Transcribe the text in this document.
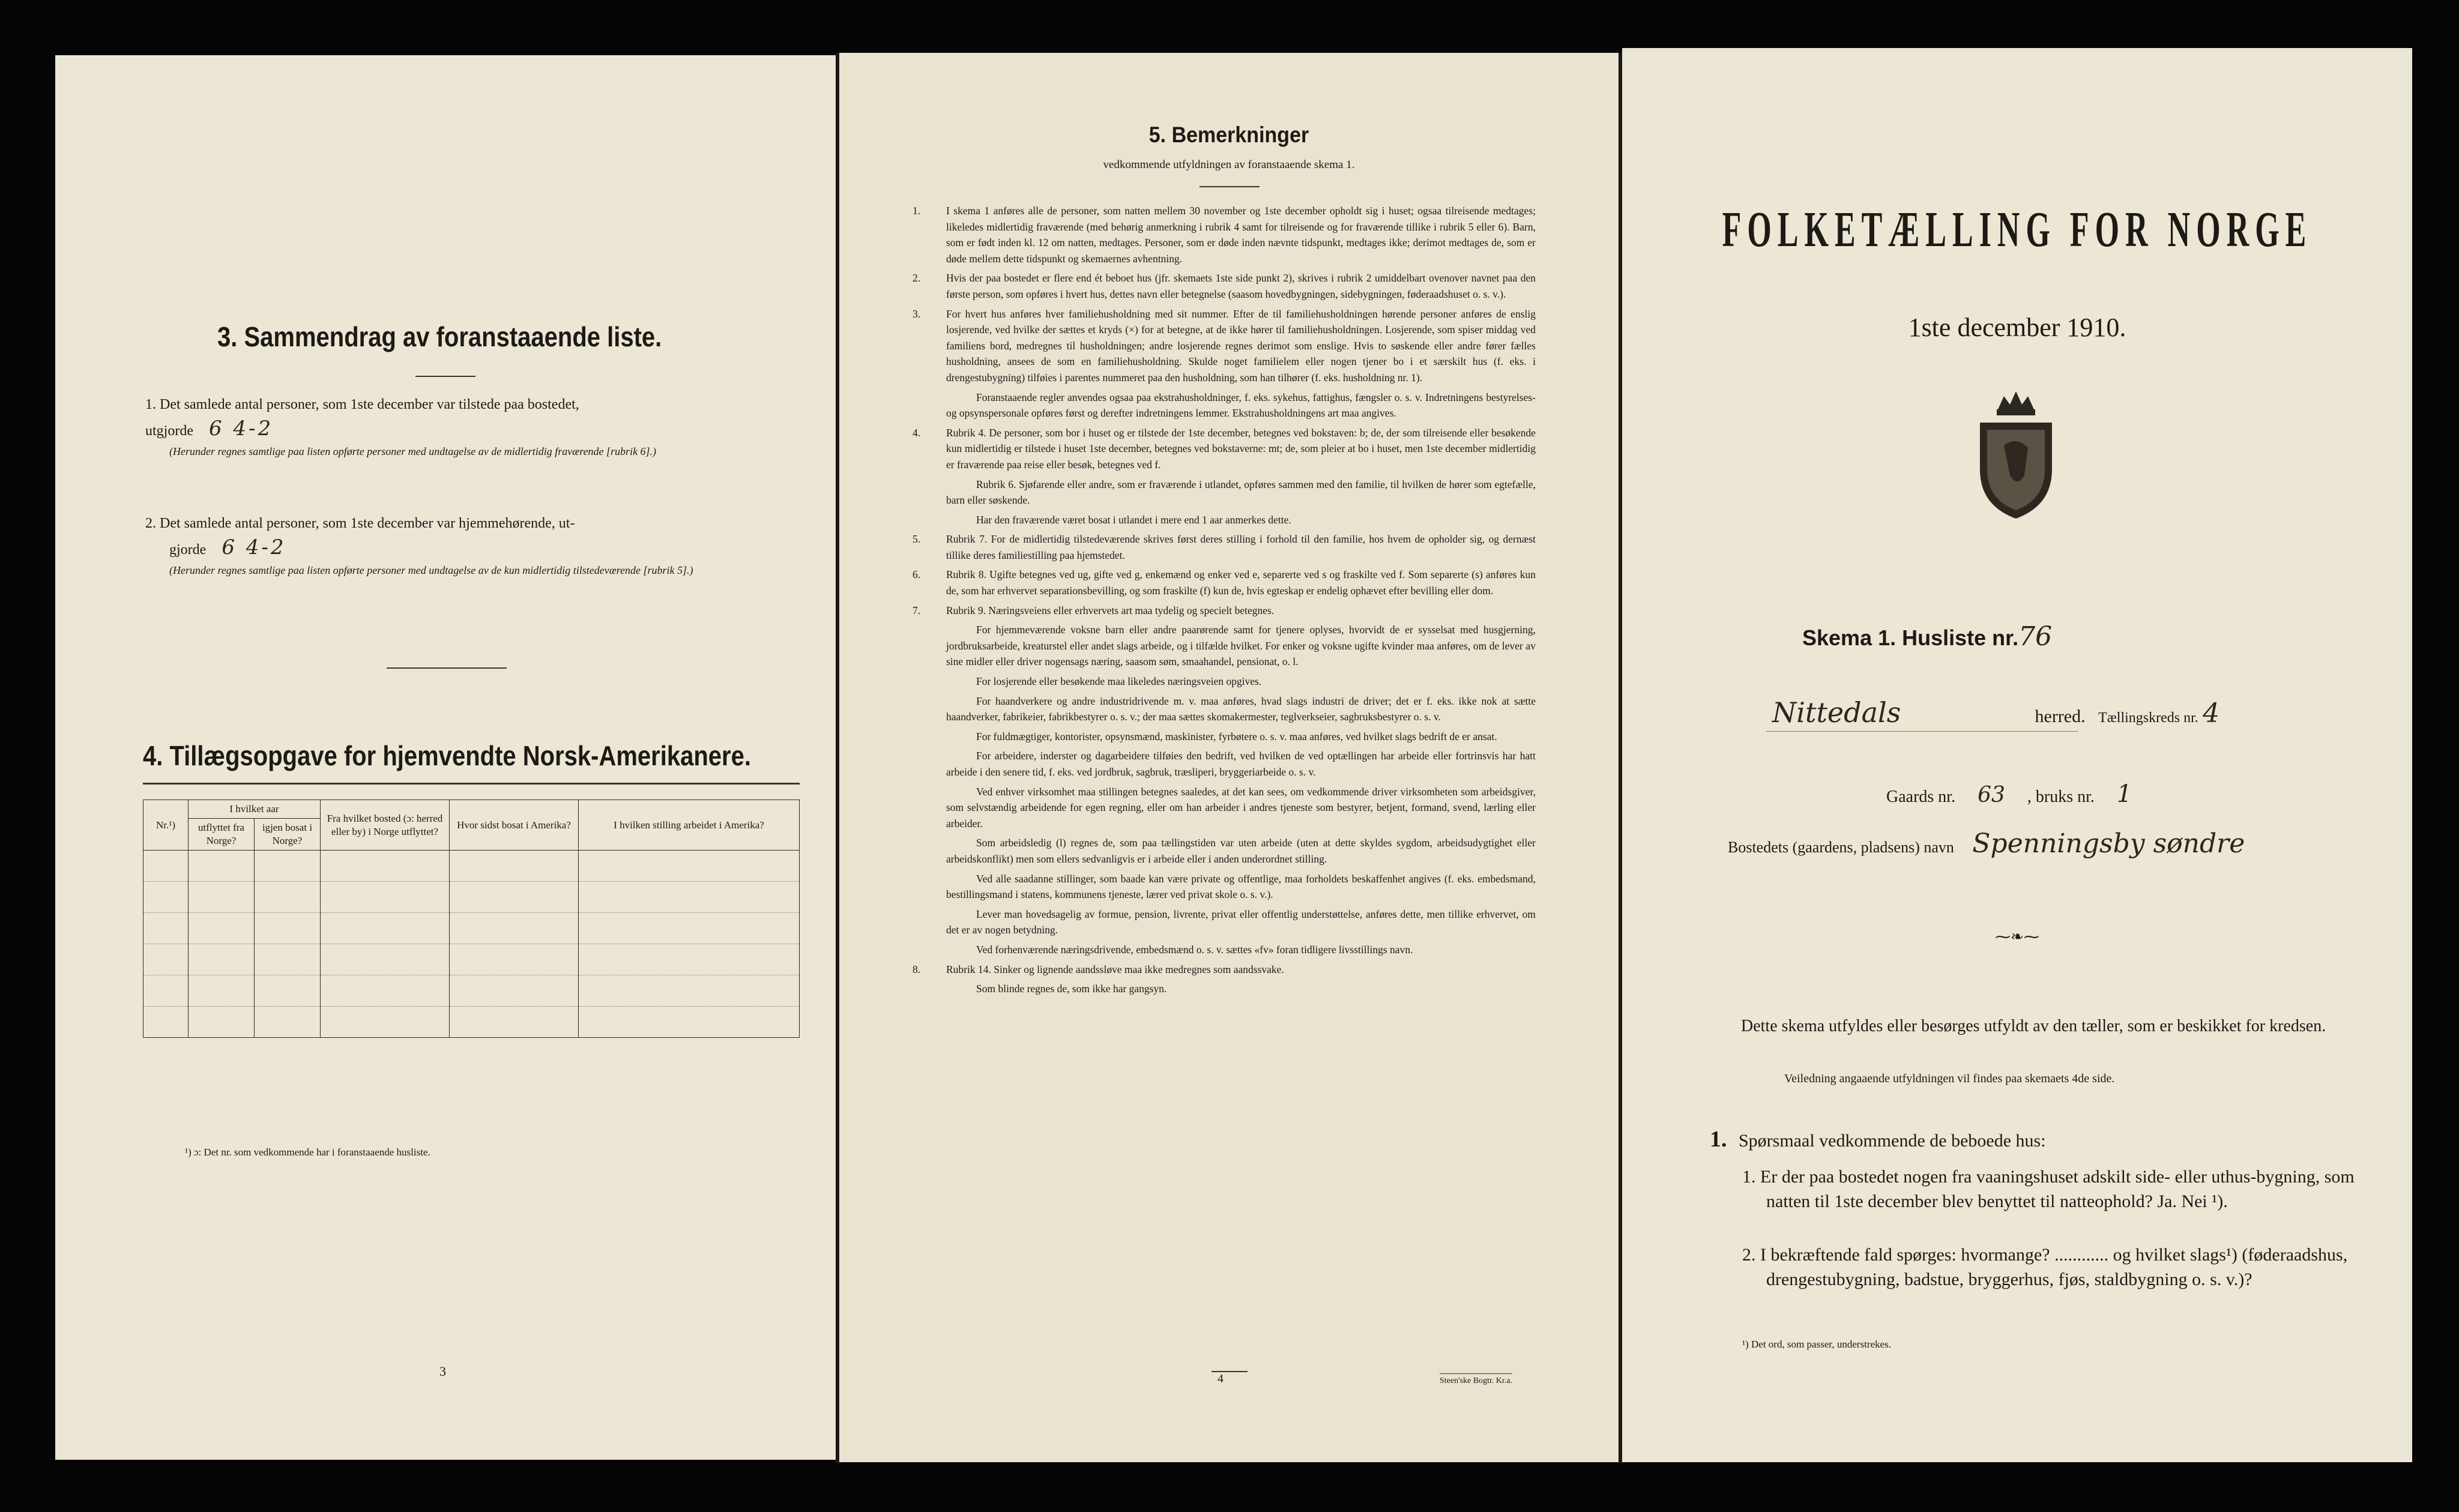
3. Sammendrag av foranstaaende liste.
1. Det samlede antal personer, som 1ste december var tilstede paa bostedet,
utgjorde 6 4-2
(Herunder regnes samtlige paa listen opførte personer med undtagelse av de midlertidig fraværende [rubrik 6].)
2. Det samlede antal personer, som 1ste december var hjemmehørende, ut-
gjorde 6 4-2
(Herunder regnes samtlige paa listen opførte personer med undtagelse av de kun midlertidig tilstedeværende [rubrik 5].)
4. Tillægsopgave for hjemvendte Norsk-Amerikanere.
Nr.¹)	I hvilket aar		Fra hvilket bosted (ɔ: herred eller by) i Norge utflyttet?	Hvor sidst bosat i Amerika?	I hvilken stilling arbeidet i Amerika?
	utflyttet fra Norge?	igjen bosat i Norge?			

¹) ɔ: Det nr. som vedkommende har i foranstaaende husliste.
3
5. Bemerkninger
vedkommende utfyldningen av foranstaaende skema 1.

1. I skema 1 anføres alle de personer, som natten mellem 30 november og 1ste december opholdt sig i huset; ogsaa tilreisende medtages; likeledes midlertidig fraværende (med behørig anmerkning i rubrik 4 samt for tilreisende og for fraværende tillike i rubrik 5 eller 6). Barn, som er født inden kl. 12 om natten, medtages. Personer, som er døde inden nævnte tidspunkt, medtages ikke; derimot medtages de, som er døde mellem dette tidspunkt og skemaernes avhentning.

2. Hvis der paa bostedet er flere end ét beboet hus (jfr. skemaets 1ste side punkt 2), skrives i rubrik 2 umiddelbart ovenover navnet paa den første person, som opføres i hvert hus, dettes navn eller betegnelse (saasom hovedbygningen, sidebygningen, føderaadshuset o. s. v.).

3. For hvert hus anføres hver familiehusholdning med sit nummer. Efter de til familiehusholdningen hørende personer anføres de enslig losjerende, ved hvilke der sættes et kryds (×) for at betegne, at de ikke hører til familiehusholdningen. Losjerende, som spiser middag ved familiens bord, medregnes til husholdningen; andre losjerende regnes derimot som enslige. Hvis to søskende eller andre fører fælles husholdning, ansees de som en familiehusholdning. Skulde noget familielem eller nogen tjener bo i et særskilt hus (f. eks. i drengestubygning) tilføies i parentes nummeret paa den husholdning, som han tilhører (f. eks. husholdning nr. 1).

Foranstaaende regler anvendes ogsaa paa ekstrahusholdninger, f. eks. sykehus, fattighus, fængsler o. s. v. Indretningens bestyrelses- og opsynspersonale opføres først og derefter indretningens lemmer. Ekstrahusholdningens art maa angives.

4. Rubrik 4. De personer, som bor i huset og er tilstede der 1ste december, betegnes ved bokstaven: b; de, der som tilreisende eller besøkende kun midlertidig er tilstede i huset 1ste december, betegnes ved bokstaverne: mt; de, som pleier at bo i huset, men 1ste december midlertidig er fraværende paa reise eller besøk, betegnes ved f.

Rubrik 6. Sjøfarende eller andre, som er fraværende i utlandet, opføres sammen med den familie, til hvilken de hører som egtefælle, barn eller søskende.

Har den fraværende været bosat i utlandet i mere end 1 aar anmerkes dette.

5. Rubrik 7. For de midlertidig tilstedeværende skrives først deres stilling i forhold til den familie, hos hvem de opholder sig, og dernæst tillike deres familiestilling paa hjemstedet.

6. Rubrik 8. Ugifte betegnes ved ug, gifte ved g, enkemænd og enker ved e, separerte ved s og fraskilte ved f. Som separerte (s) anføres kun de, som har erhvervet separationsbevilling, og som fraskilte (f) kun de, hvis egteskap er endelig ophævet efter bevilling eller dom.

7. Rubrik 9. Næringsveiens eller erhvervets art maa tydelig og specielt betegnes.

For hjemmeværende voksne barn eller andre paarørende samt for tjenere oplyses, hvorvidt de er sysselsat med husgjerning, jordbruksarbeide, kreaturstel eller andet slags arbeide, og i tilfælde hvilket. For enker og voksne ugifte kvinder maa anføres, om de lever av sine midler eller driver nogensags næring, saasom søm, smaahandel, pensionat, o. l.

For losjerende eller besøkende maa likeledes næringsveien opgives.

For haandverkere og andre industridrivende m. v. maa anføres, hvad slags industri de driver; det er f. eks. ikke nok at sætte haandverker, fabrikeier, fabrikbestyrer o. s. v.; der maa sættes skomakermester, teglverkseier, sagbruksbestyrer o. s. v.

For fuldmægtiger, kontorister, opsynsmænd, maskinister, fyrbøtere o. s. v. maa anføres, ved hvilket slags bedrift de er ansat.

For arbeidere, inderster og dagarbeidere tilføies den bedrift, ved hvilken de ved optællingen har arbeide eller fortrinsvis har hatt arbeide i den senere tid, f. eks. ved jordbruk, sagbruk, træsliperi, bryggeriarbeide o. s. v.

Ved enhver virksomhet maa stillingen betegnes saaledes, at det kan sees, om vedkommende driver virksomheten som arbeidsgiver, som selvstændig arbeidende for egen regning, eller om han arbeider i andres tjeneste som bestyrer, betjent, formand, svend, lærling eller arbeider.

Som arbeidsledig (l) regnes de, som paa tællingstiden var uten arbeide (uten at dette skyldes sygdom, arbeidsudygtighet eller arbeidskonflikt) men som ellers sedvanligvis er i arbeide eller i anden underordnet stilling.

Ved alle saadanne stillinger, som baade kan være private og offentlige, maa forholdets beskaffenhet angives (f. eks. embedsmand, bestillingsmand i statens, kommunens tjeneste, lærer ved privat skole o. s. v.).

Lever man hovedsagelig av formue, pension, livrente, privat eller offentlig understøttelse, anføres dette, men tillike erhvervet, om det er av nogen betydning.

Ved forhenværende næringsdrivende, embedsmænd o. s. v. sættes «fv» foran tidligere livsstillings navn.

8. Rubrik 14. Sinker og lignende aandssløve maa ikke medregnes som aandssvake.

Som blinde regnes de, som ikke har gangsyn.

4	Steen'ske Bogtr. Kr.a.
FOLKETÆLLING FOR NORGE
1ste december 1910.
Skema 1. Husliste nr.76
Nittedals	herred. Tællingskreds nr. 4
Gaards nr. 63 , bruks nr. 1
Bostedets (gaardens, pladsens) navn Spenningsby søndre
⁓❧⁓
Dette skema utfyldes eller besørges utfyldt av den tæller, som er beskikket for kredsen.
Veiledning angaaende utfyldningen vil findes paa skemaets 4de side.
1. Spørsmaal vedkommende de beboede hus:
1. Er der paa bostedet nogen fra vaaningshuset adskilt side- eller uthus-bygning, som natten til 1ste december blev benyttet til natteophold? Ja. Nei ¹).
2. I bekræftende fald spørges: hvormange? ............ og hvilket slags¹) (føderaadshus, drengestubygning, badstue, bryggerhus, fjøs, staldbygning o. s. v.)?
¹) Det ord, som passer, understrekes.
